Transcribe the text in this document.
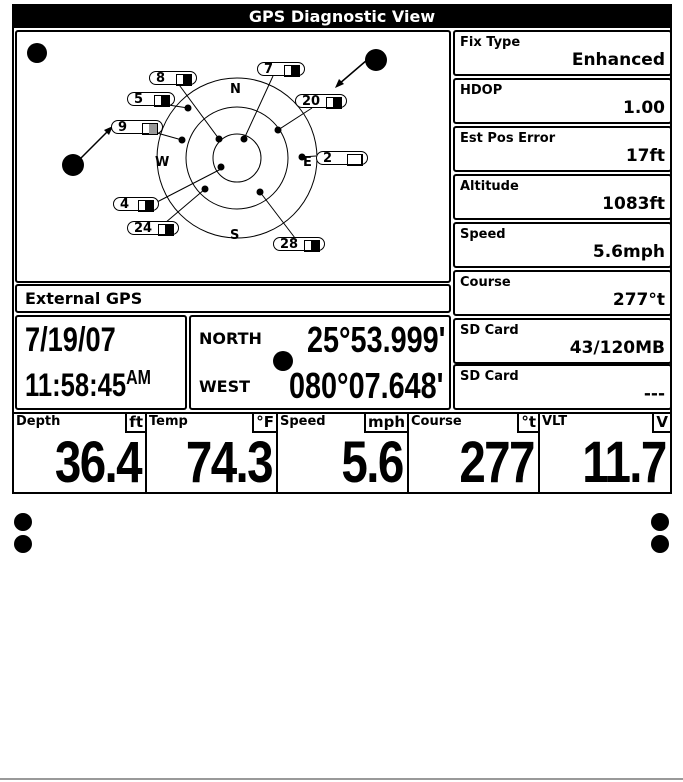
GPS Diagnostic View
N
S
E
W
8
7
5	20
9
2
4
24
28
External GPS
7/19/07
$11:58:45^{AM}$
NORTH 25°53.999'
WEST 080°07.648'
Fix Type
Enhanced
HDOP
1.00
Est Pos Error
17ft
Altitude
1083ft
Speed
5.6mph
Course
277°t
SD Card
43/120MB
SD Card
---
Depth	ft
36.4
Temp	°F
74.3
Speed	mph
5.6
Course	°t
277
VLT	V
11.7
